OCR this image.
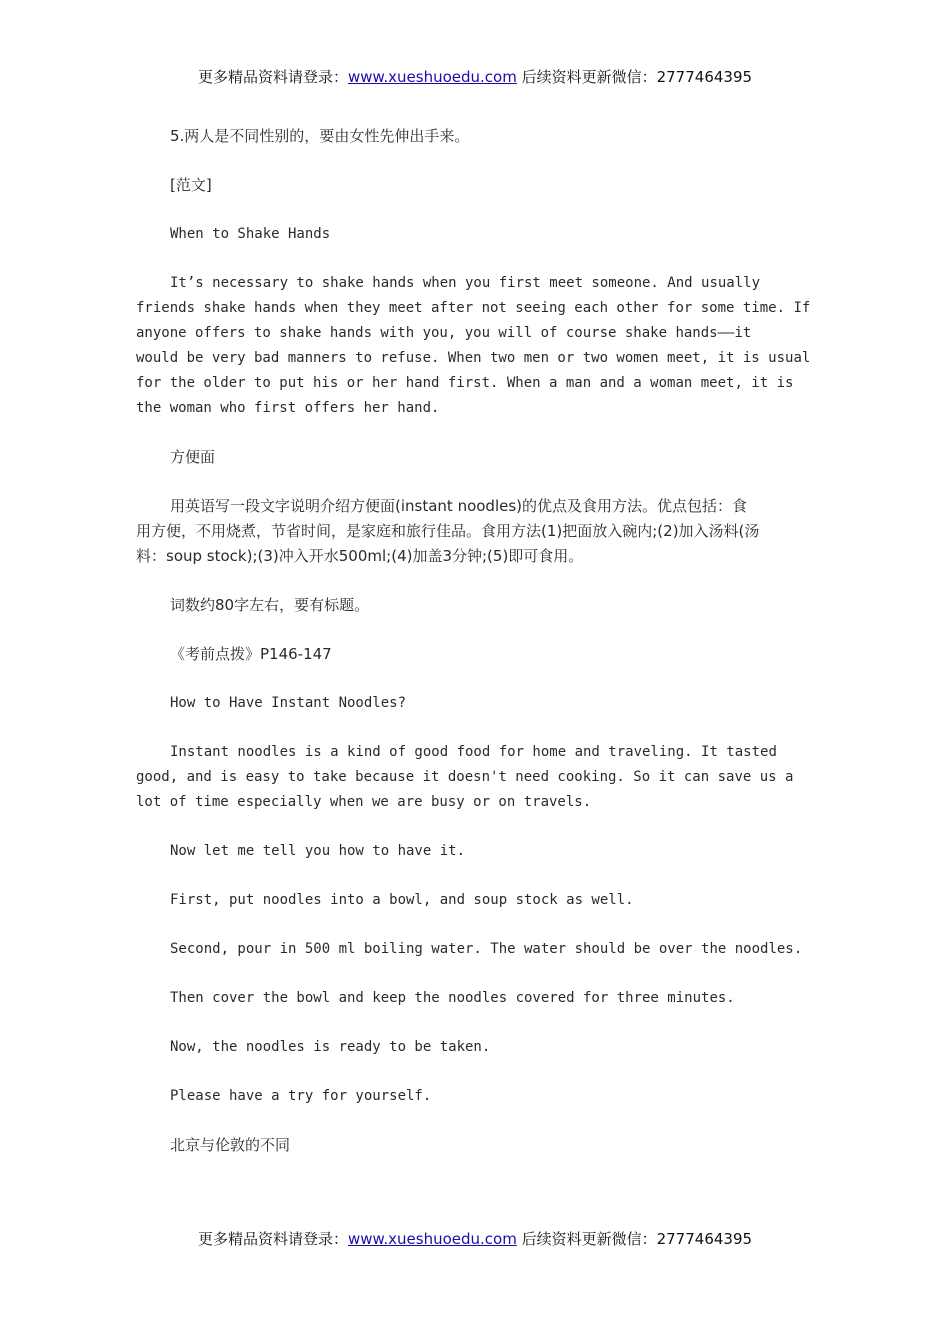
更多精品资料请登录：www.xueshuoedu.com 后续资料更新微信：2777464395

5.两人是不同性别的，要由女性先伸出手来。

[范文]

When to Shake Hands

It’s necessary to shake hands when you first meet someone. And usually
friends shake hands when they meet after not seeing each other for some time. If
anyone offers to shake hands with you, you will of course shake hands——it
would be very bad manners to refuse. When two men or two women meet, it is usual
for the older to put his or her hand first. When a man and a woman meet, it is
the woman who first offers her hand.

方便面

用英语写一段文字说明介绍方便面(instant noodles)的优点及食用方法。优点包括：食
用方便，不用烧煮，节省时间，是家庭和旅行佳品。食用方法(1)把面放入碗内;(2)加入汤料(汤
料：soup stock);(3)冲入开水500ml;(4)加盖3分钟;(5)即可食用。

词数约80字左右，要有标题。

《考前点拨》P146-147

How to Have Instant Noodles?

Instant noodles is a kind of good food for home and traveling. It tasted
good, and is easy to take because it doesn't need cooking. So it can save us a
lot of time especially when we are busy or on travels.

Now let me tell you how to have it.

First, put noodles into a bowl, and soup stock as well.

Second, pour in 500 ml boiling water. The water should be over the noodles.

Then cover the bowl and keep the noodles covered for three minutes.

Now, the noodles is ready to be taken.

Please have a try for yourself.

北京与伦敦的不同

更多精品资料请登录：www.xueshuoedu.com 后续资料更新微信：2777464395
